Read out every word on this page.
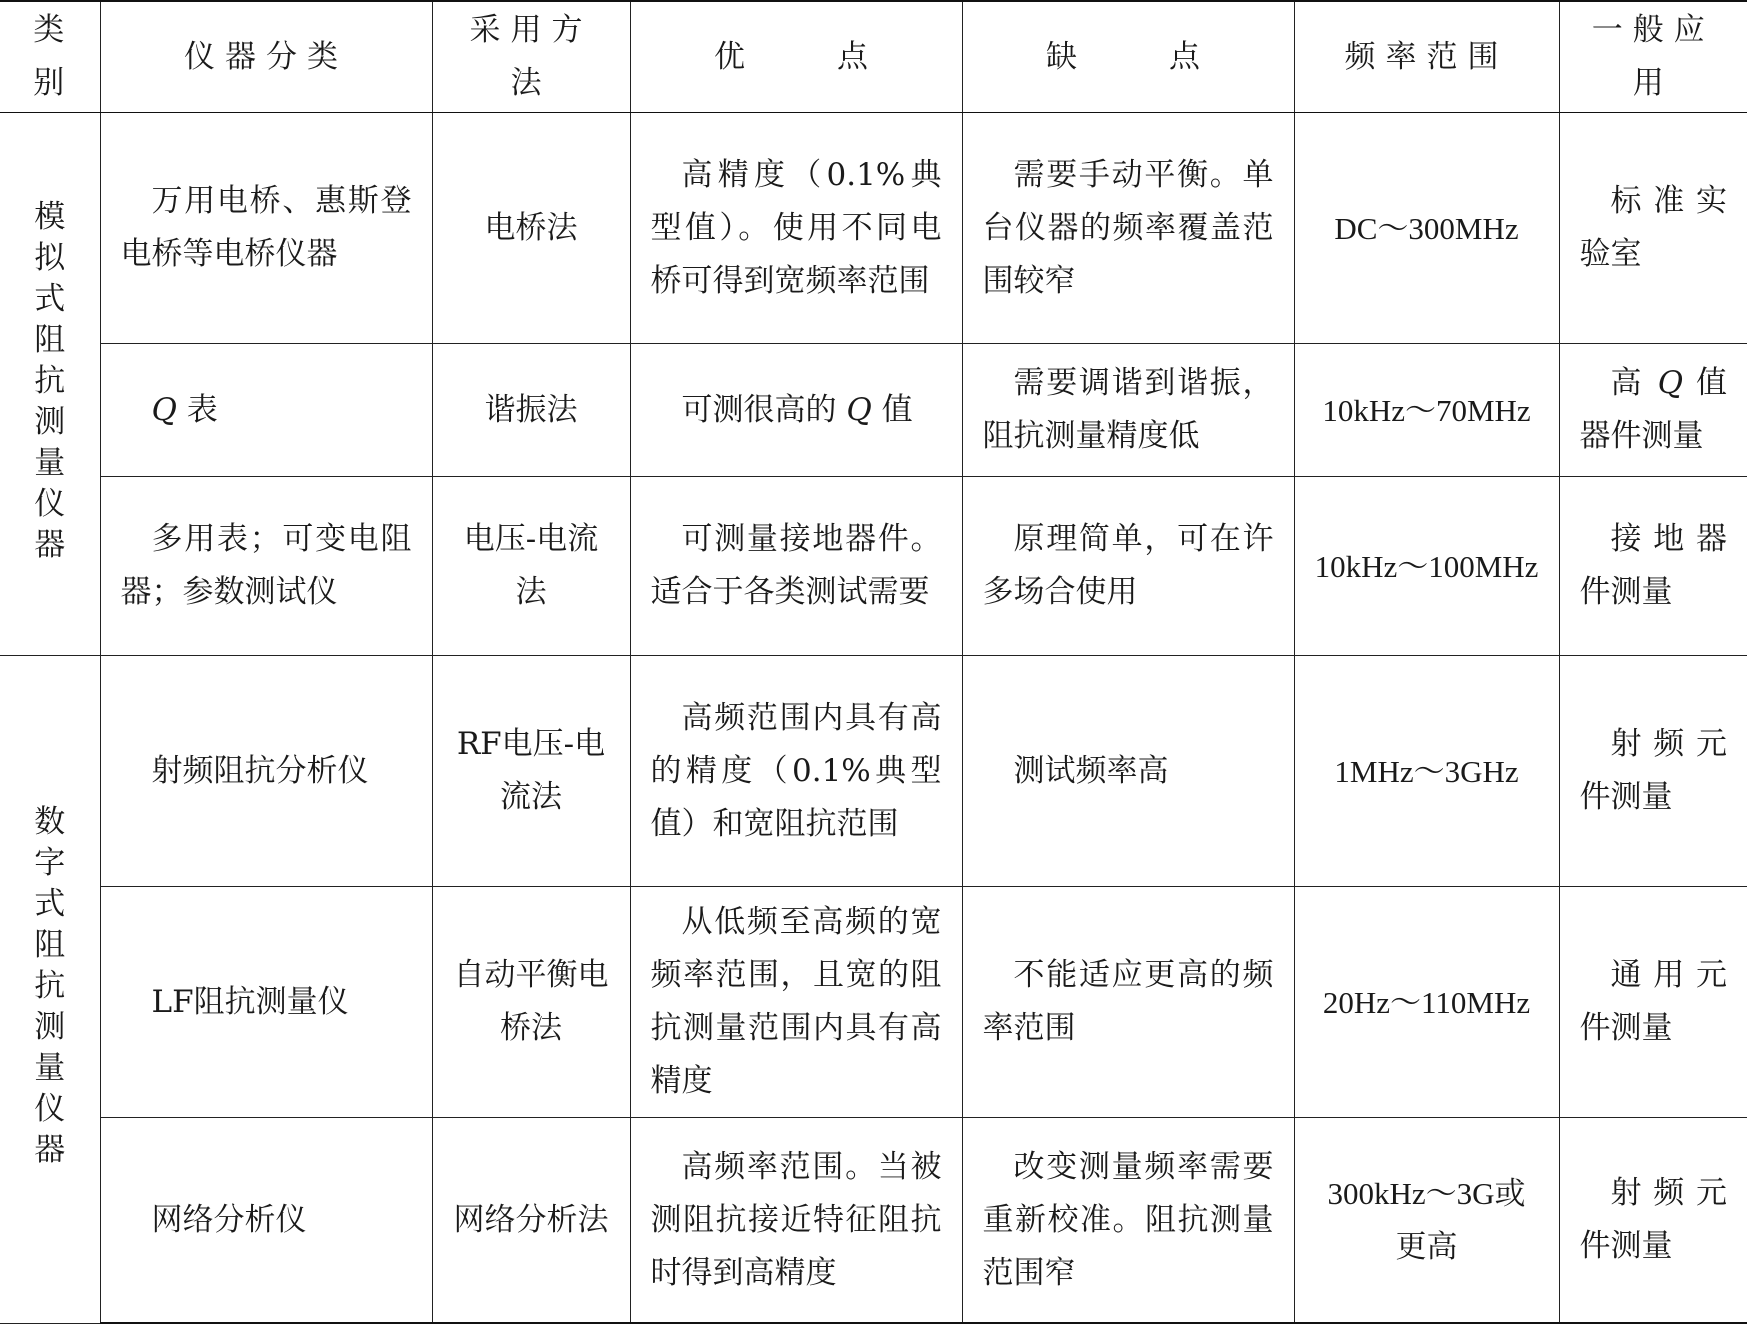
类别	仪器分类	采用方法	优　　点	缺　　点	频率范围	一般应用
模拟式阻抗测量仪器	万用电桥、惠斯登电桥等电桥仪器	电桥法	高精度（0.1%典型值）。使用不同电桥可得到宽频率范围	需要手动平衡。单台仪器的频率覆盖范围较窄	DC～300MHz	标准实验室
	Q 表	谐振法	可测很高的 Q 值	需要调谐到谐振，阻抗测量精度低	10kHz～70MHz	高 Q 值器件测量
	多用表；可变电阻器；参数测试仪	电压-电流法	可测量接地器件。适合于各类测试需要	原理简单，可在许多场合使用	10kHz～100MHz	接地器件测量
数字式阻抗测量仪器	射频阻抗分析仪	RF电压-电流法	高频范围内具有高的精度（0.1%典型值）和宽阻抗范围	测试频率高	1MHz～3GHz	射频元件测量
	LF阻抗测量仪	自动平衡电桥法	从低频至高频的宽频率范围，且宽的阻抗测量范围内具有高精度	不能适应更高的频率范围	20Hz～110MHz	通用元件测量
	网络分析仪	网络分析法	高频率范围。当被测阻抗接近特征阻抗时得到高精度	改变测量频率需要重新校准。阻抗测量范围窄	300kHz～3G或更高	射频元件测量
